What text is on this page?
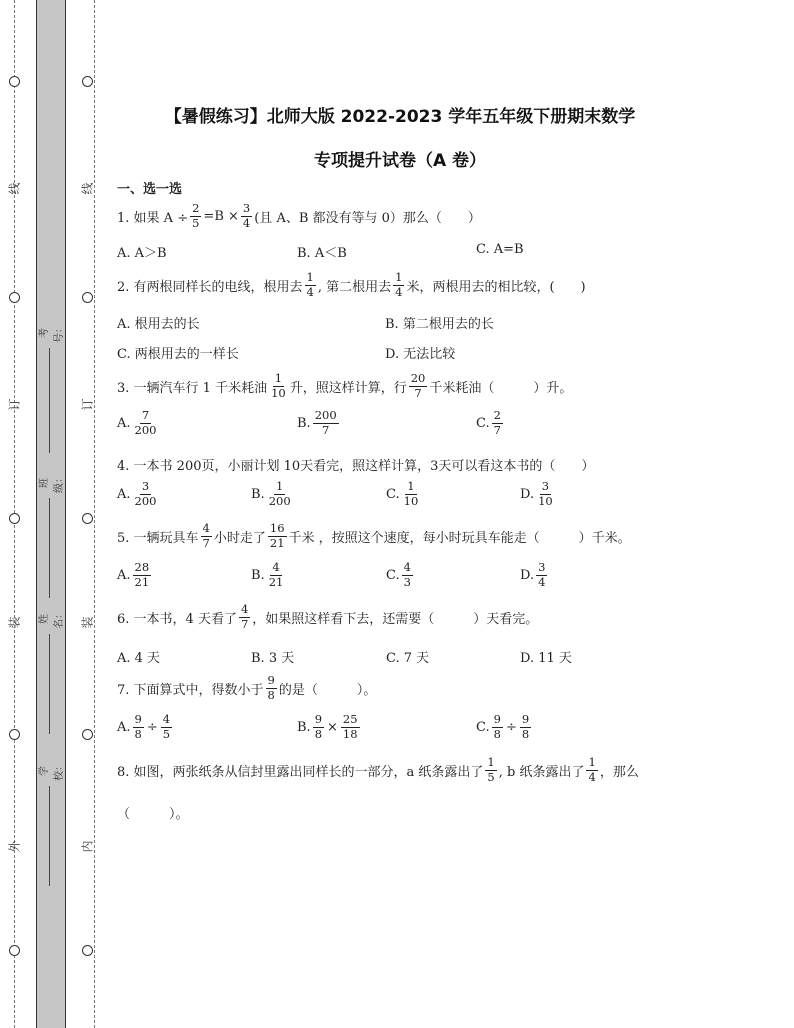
线
订
装
外
线
订
装
内
考号：
班级：
姓名：
学校：
【暑假练习】北师大版 2022-2023 学年五年级下册期末数学
专项提升试卷（A 卷）
一、选一选
1. 如果 $A \div \frac{2}{5} =B \times \frac{3}{4}$ (且 A、B 都没有等与 0）那么（　　）
A. A＞B	B. A＜B	C. A=B
2. 有两根同样长的电线，根用去 $\frac{1}{4}$ , 第二根用去 $\frac{1}{4}$ 米，两根用去的相比较，(　　)
A. 根用去的长	B. 第二根用去的长
C. 两根用去的一样长	D. 无法比较
3. 一辆汽车行 1 千米耗油 $\frac{1}{10}$ 升，照这样计算，行 $\frac{20}{7}$ 千米耗油（　　　）升。
A. $\frac{7}{200}$	B. $\frac{200}{7}$	C. $\frac{2}{7}$
4. 一本书 200页，小丽计划 10天看完，照这样计算，3天可以看这本书的（　　）
A. $\frac{3}{200}$	B. $\frac{1}{200}$	C. $\frac{1}{10}$	D. $\frac{3}{10}$
5. 一辆玩具车 $\frac{4}{7}$ 小时走了 $\frac{16}{21}$ 千米 ，按照这个速度，每小时玩具车能走（　　　）千米。
A. $\frac{28}{21}$	B. $\frac{4}{21}$	C. $\frac{4}{3}$	D. $\frac{3}{4}$
6. 一本书，4 天看了 $\frac{4}{7}$ ，如果照这样看下去，还需要（　　　）天看完。
A. 4 天	B. 3 天	C. 7 天	D. 11 天
7. 下面算式中，得数小于 $\frac{9}{8}$ 的是（　　　）。
A. $\frac{9}{8} \div \frac{4}{5}$	B. $\frac{9}{8} \times \frac{25}{18}$	C. $\frac{9}{8} \div \frac{9}{8}$
8. 如图，两张纸条从信封里露出同样长的一部分，a 纸条露出了 $\frac{1}{5}$ , b 纸条露出了 $\frac{1}{4}$ ，那么
（　　　）。
